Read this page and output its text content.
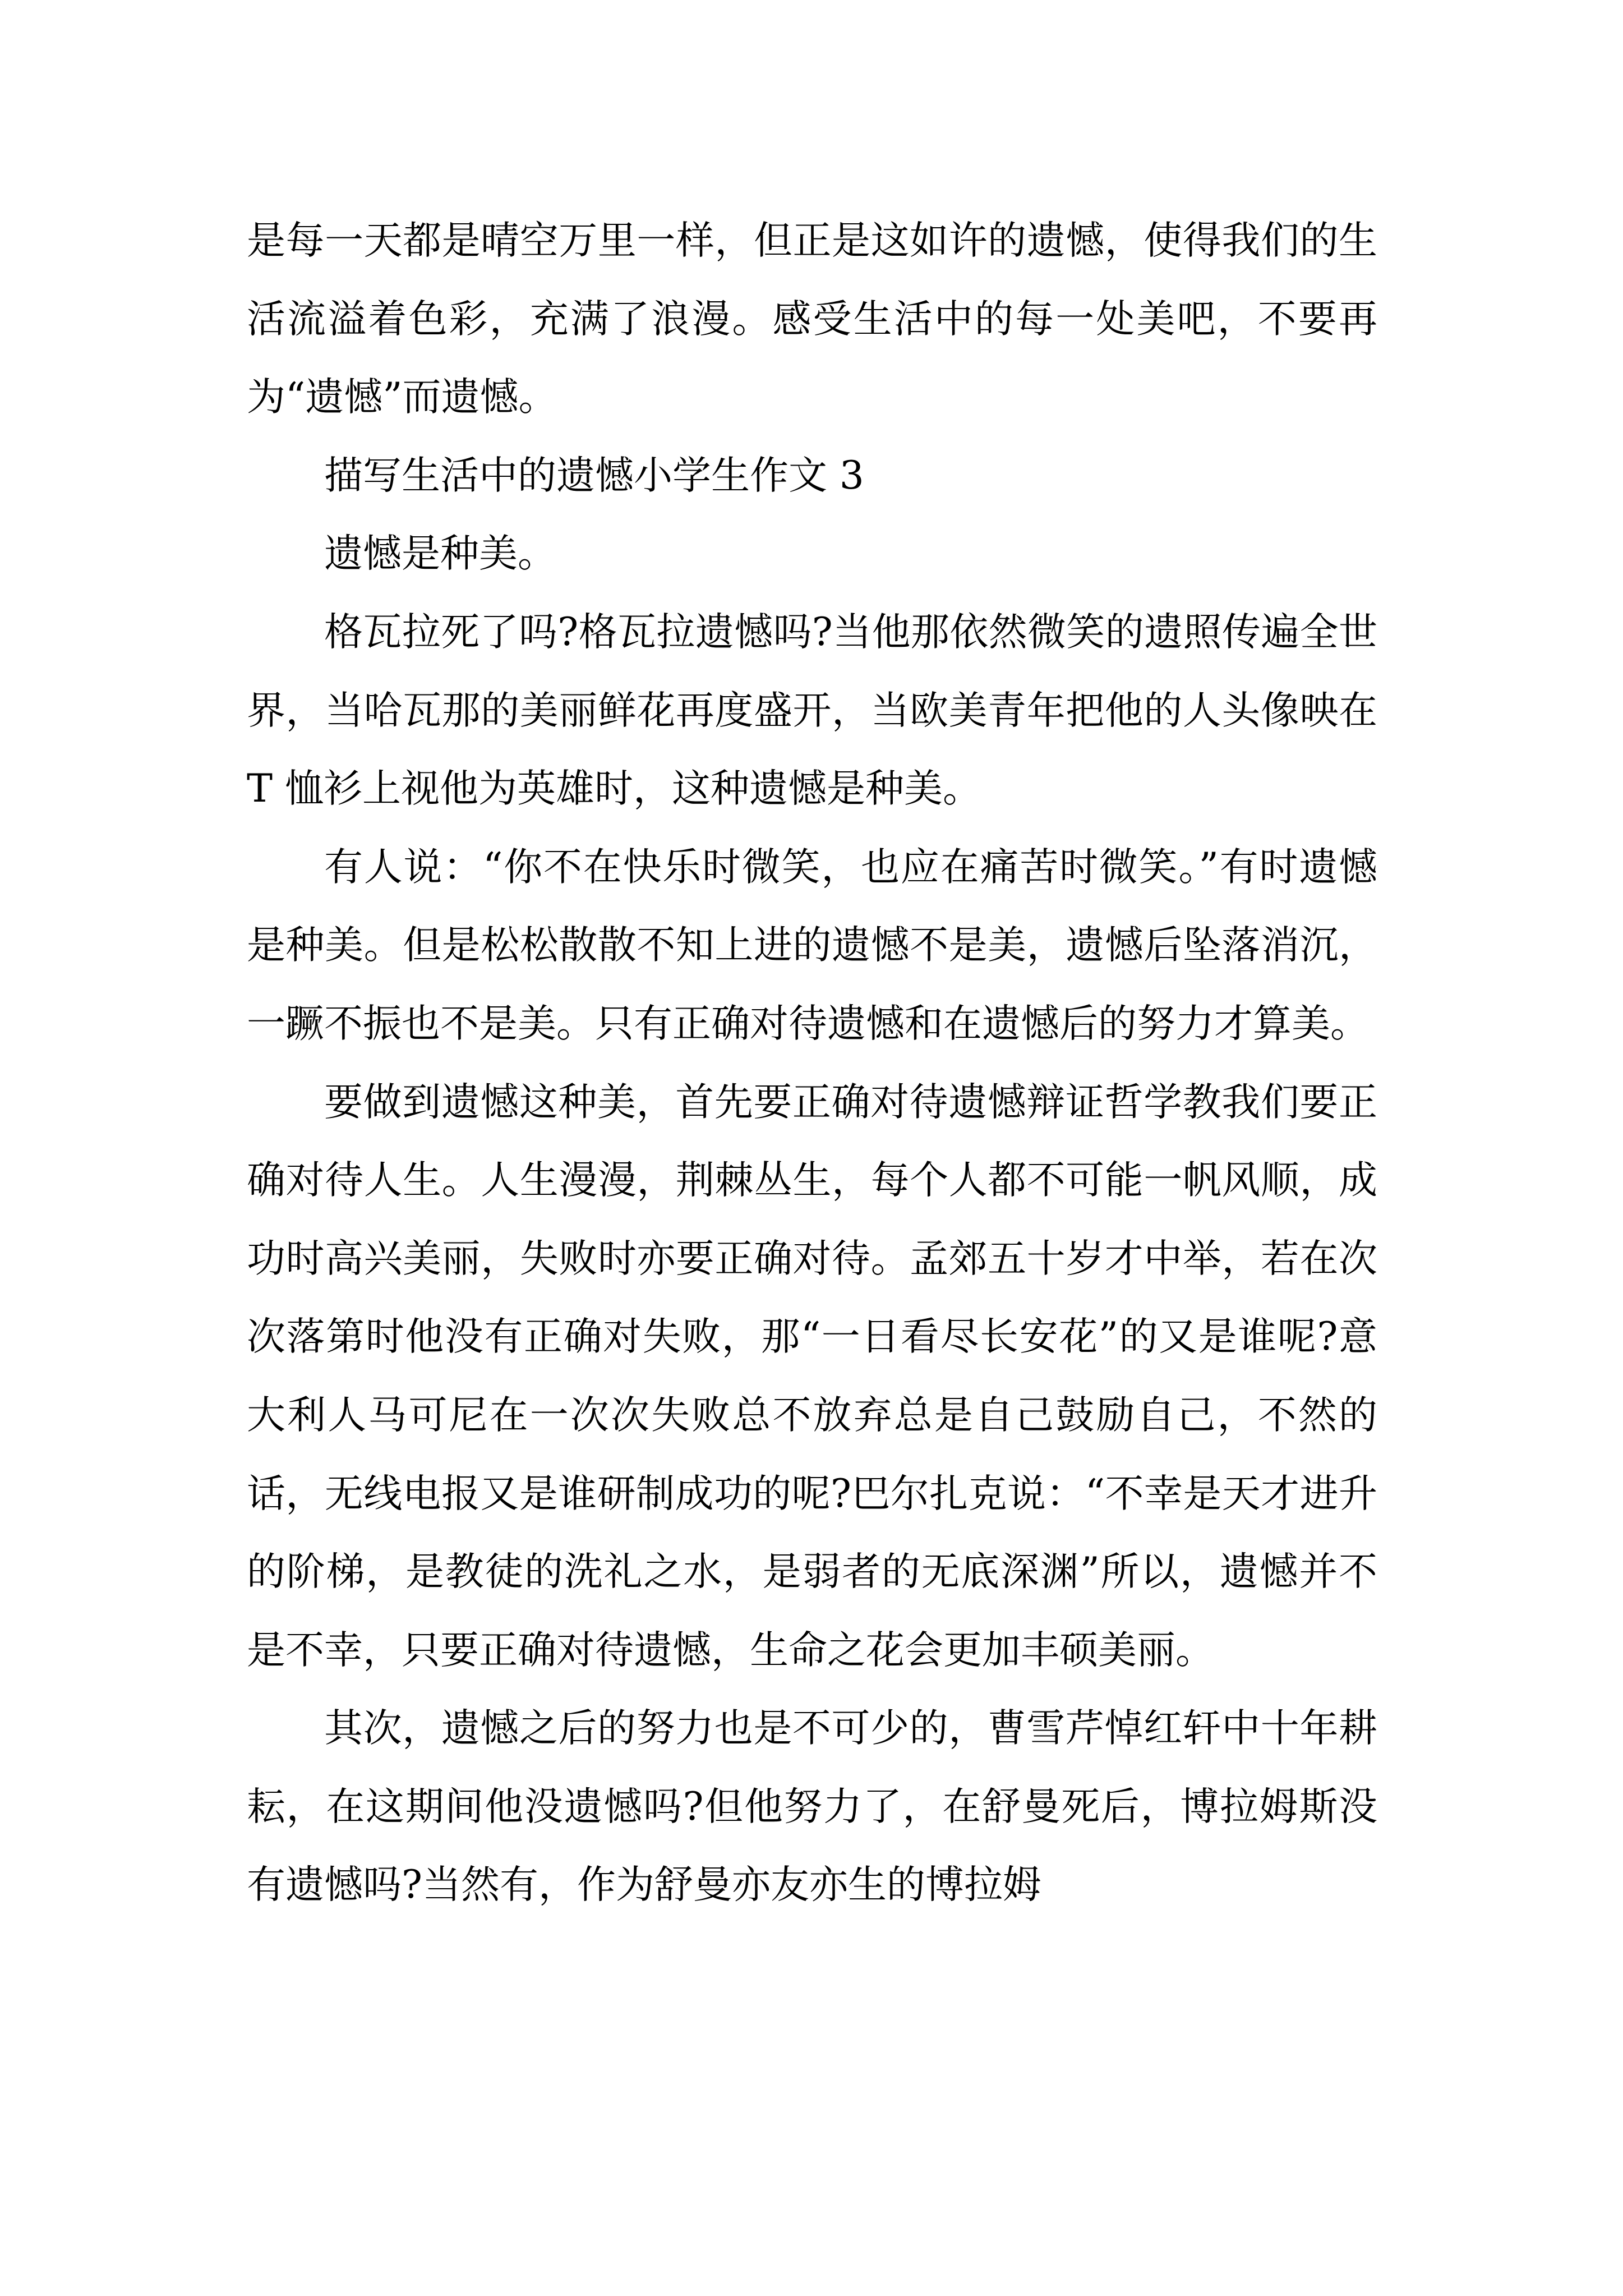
是每一天都是晴空万里一样，但正是这如许的遗憾，使得我们的生活流溢着色彩，充满了浪漫。感受生活中的每一处美吧，不要再为“遗憾”而遗憾。

描写生活中的遗憾小学生作文 3

遗憾是种美。

格瓦拉死了吗?格瓦拉遗憾吗?当他那依然微笑的遗照传遍全世界，当哈瓦那的美丽鲜花再度盛开，当欧美青年把他的人头像映在 T 恤衫上视他为英雄时，这种遗憾是种美。

有人说：“你不在快乐时微笑，也应在痛苦时微笑。”有时遗憾是种美。但是松松散散不知上进的遗憾不是美，遗憾后坠落消沉，一蹶不振也不是美。只有正确对待遗憾和在遗憾后的努力才算美。

要做到遗憾这种美，首先要正确对待遗憾辩证哲学教我们要正确对待人生。人生漫漫，荆棘丛生，每个人都不可能一帆风顺，成功时高兴美丽，失败时亦要正确对待。孟郊五十岁才中举，若在次次落第时他没有正确对失败，那“一日看尽长安花”的又是谁呢?意大利人马可尼在一次次失败总不放弃总是自己鼓励自己，不然的话，无线电报又是谁研制成功的呢?巴尔扎克说：“不幸是天才进升的阶梯，是教徒的洗礼之水，是弱者的无底深渊”所以，遗憾并不是不幸，只要正确对待遗憾，生命之花会更加丰硕美丽。

其次，遗憾之后的努力也是不可少的，曹雪芹悼红轩中十年耕耘，在这期间他没遗憾吗?但他努力了，在舒曼死后，博拉姆斯没有遗憾吗?当然有，作为舒曼亦友亦生的博拉姆
